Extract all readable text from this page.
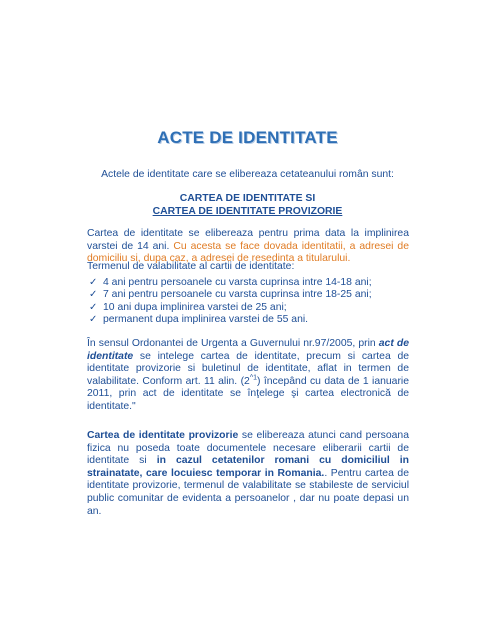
ACTE DE IDENTITATE
Actele de identitate care se elibereaza cetateanului român sunt:
CARTEA DE IDENTITATE SI
CARTEA DE IDENTITATE PROVIZORIE
Cartea de identitate se elibereaza pentru prima data la implinirea varstei de 14 ani. Cu acesta se face dovada identitatii, a adresei de domiciliu si, dupa caz, a adresei de resedinta a titularului.
Termenul de valabilitate al cartii de identitate:
✓ 4 ani pentru persoanele cu varsta cuprinsa intre 14-18 ani;
✓ 7 ani pentru persoanele cu varsta cuprinsa intre 18-25 ani;
✓ 10 ani dupa implinirea varstei de 25 ani;
✓ permanent dupa implinirea varstei de 55 ani.
În sensul Ordonantei de Urgenta a Guvernului nr.97/2005, prin act de identitate se intelege cartea de identitate, precum si cartea de identitate provizorie si buletinul de identitate, aflat in termen de valabilitate. Conform art. 11 alin. $(2^{\^{}1})$ începând cu data de 1 ianuarie 2011, prin act de identitate se înţelege şi cartea electronică de identitate."
Cartea de identitate provizorie se elibereaza atunci cand persoana fizica nu poseda toate documentele necesare eliberarii cartii de identitate si in cazul cetatenilor romani cu domiciliul in strainatate, care locuiesc temporar in Romania.. Pentru cartea de identitate provizorie, termenul de valabilitate se stabileste de serviciul public comunitar de evidenta a persoanelor , dar nu poate depasi un an.
